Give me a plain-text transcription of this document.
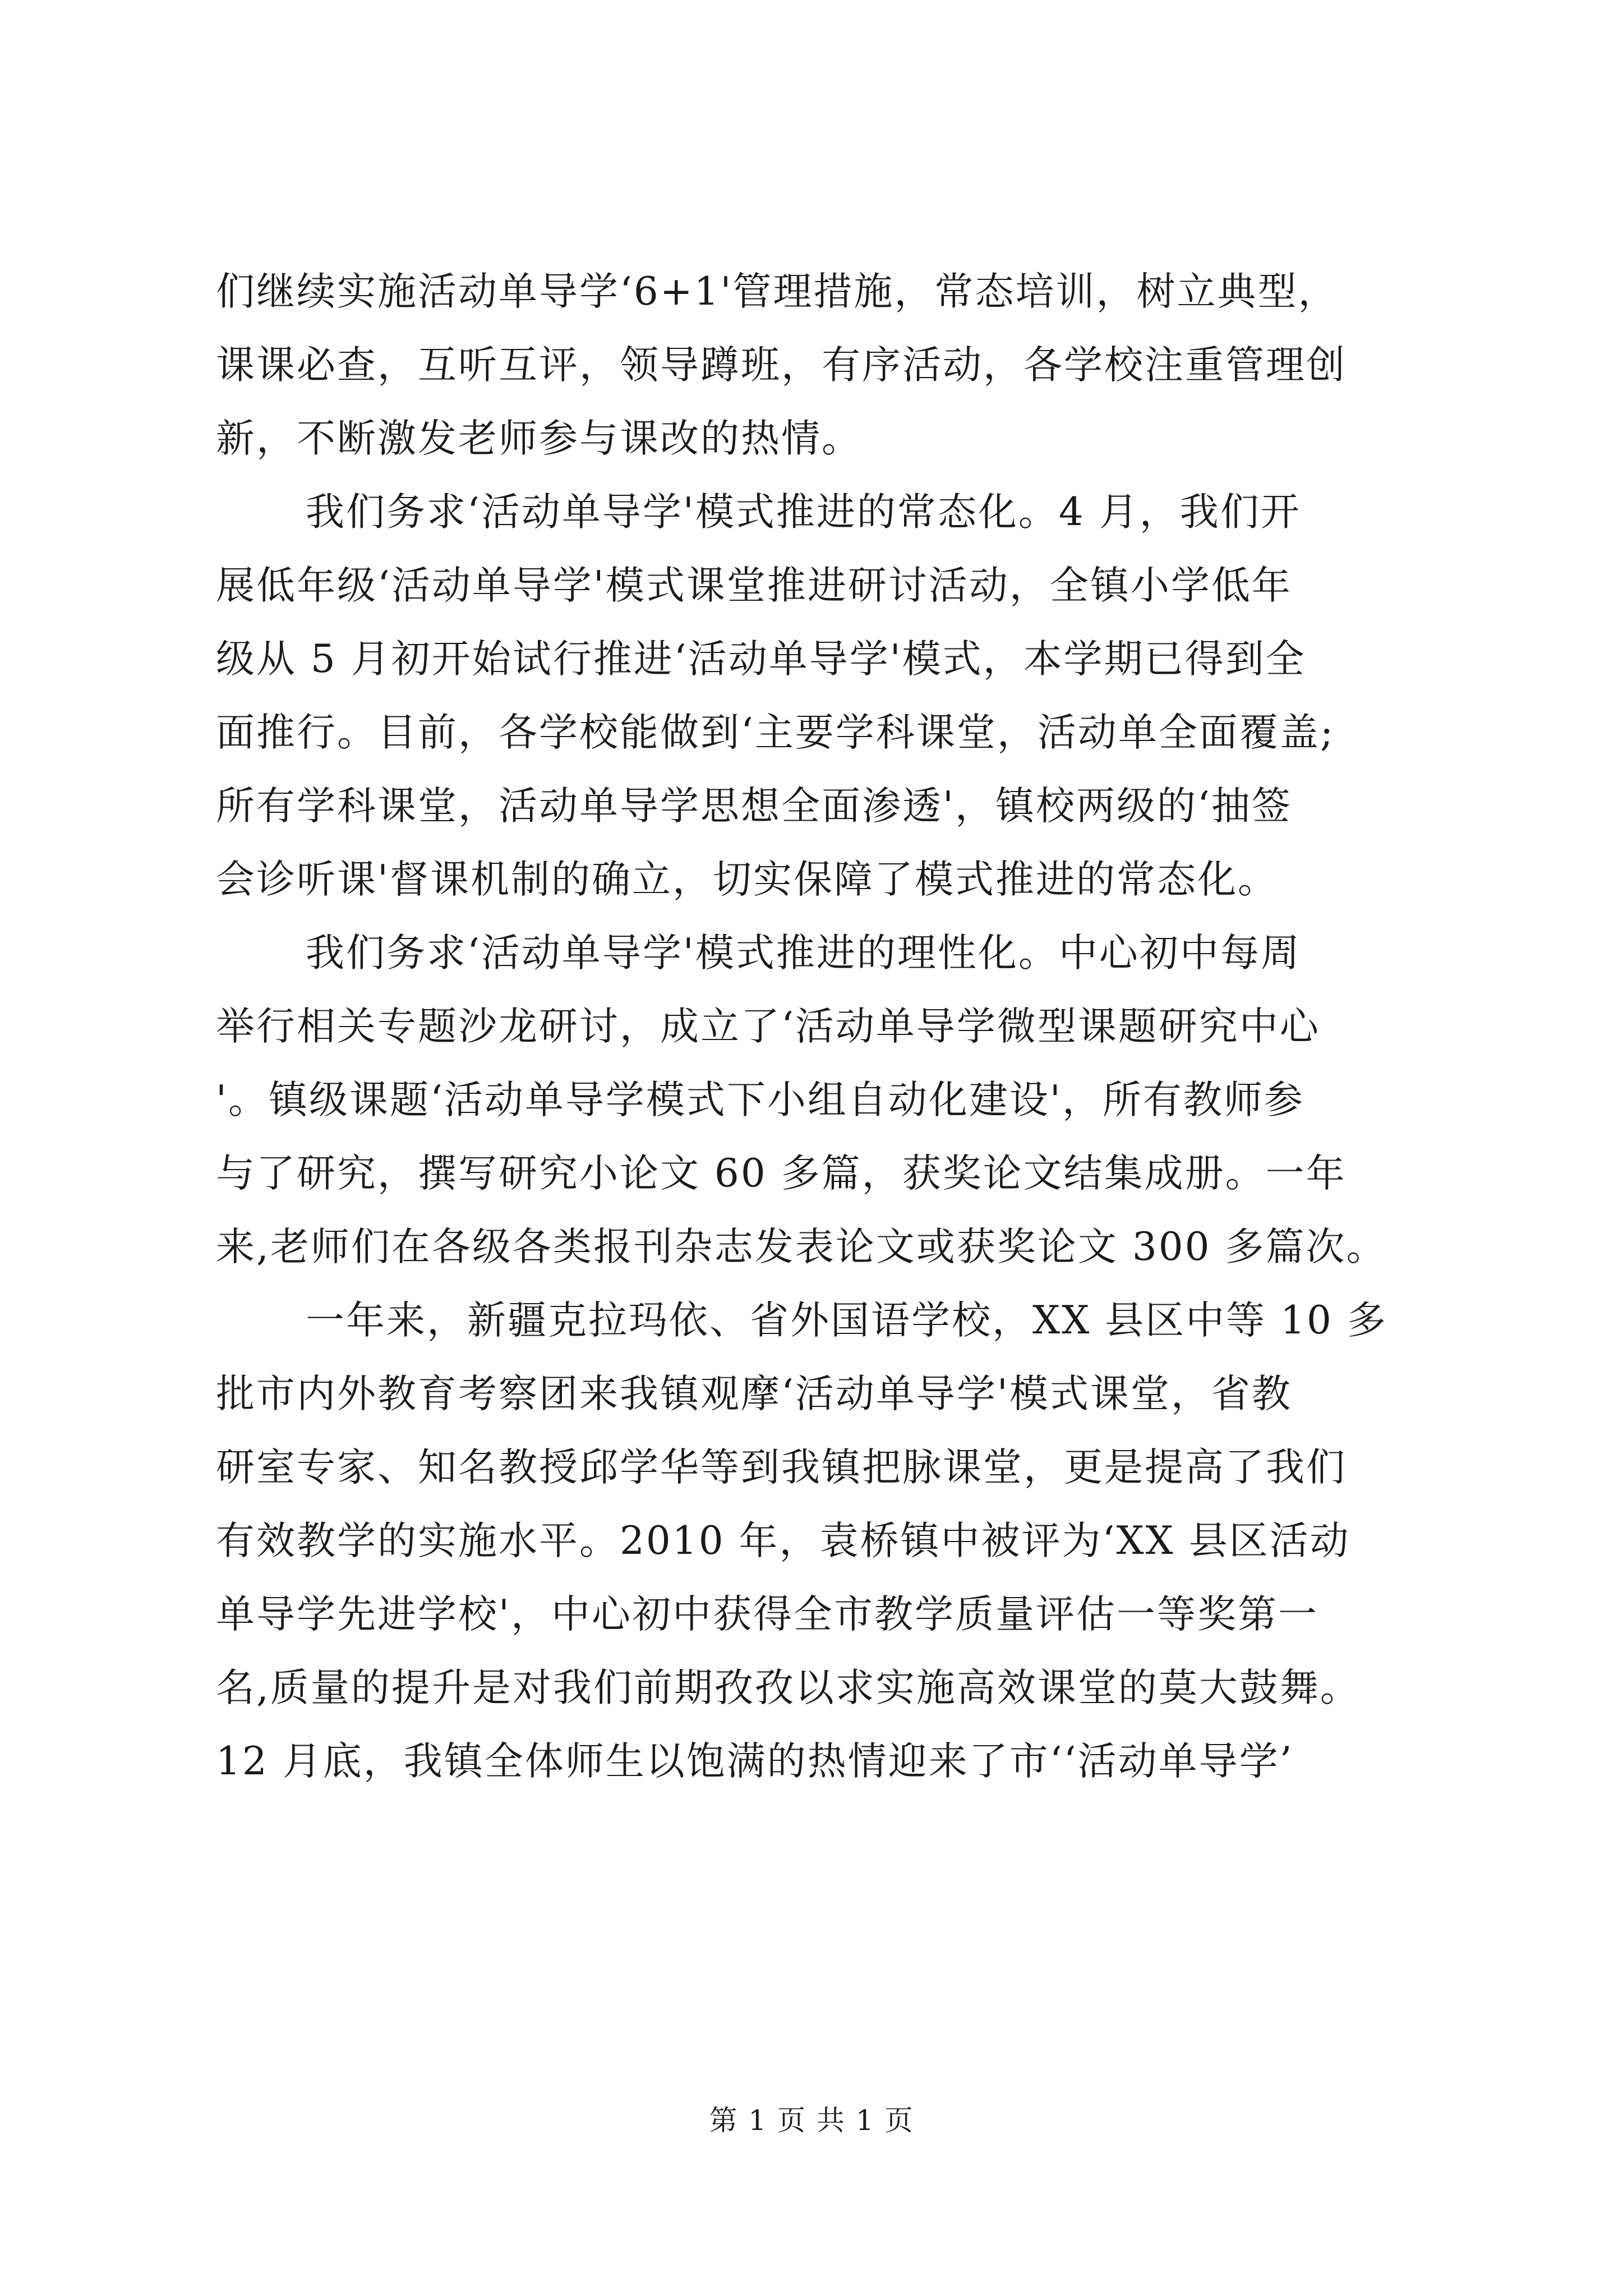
们继续实施活动单导学‘6+1'管理措施，常态培训，树立典型，
课课必查，互听互评，领导蹲班，有序活动，各学校注重管理创
新，不断激发老师参与课改的热情。
我们务求‘活动单导学'模式推进的常态化。4 月，我们开
展低年级‘活动单导学'模式课堂推进研讨活动，全镇小学低年
级从 5 月初开始试行推进‘活动单导学'模式，本学期已得到全
面推行。目前，各学校能做到‘主要学科课堂，活动单全面覆盖;
所有学科课堂，活动单导学思想全面渗透'，镇校两级的‘抽签
会诊听课'督课机制的确立，切实保障了模式推进的常态化。
我们务求‘活动单导学'模式推进的理性化。中心初中每周
举行相关专题沙龙研讨，成立了‘活动单导学微型课题研究中心
'。镇级课题‘活动单导学模式下小组自动化建设'，所有教师参
与了研究，撰写研究小论文 60 多篇，获奖论文结集成册。一年
来,老师们在各级各类报刊杂志发表论文或获奖论文 300 多篇次。
一年来，新疆克拉玛依、省外国语学校，XX 县区中等 10 多
批市内外教育考察团来我镇观摩‘活动单导学'模式课堂，省教
研室专家、知名教授邱学华等到我镇把脉课堂，更是提高了我们
有效教学的实施水平。2010 年，袁桥镇中被评为‘XX 县区活动
单导学先进学校'，中心初中获得全市教学质量评估一等奖第一
名,质量的提升是对我们前期孜孜以求实施高效课堂的莫大鼓舞。
12 月底，我镇全体师生以饱满的热情迎来了市‘‘活动单导学’
第 1 页 共 1 页
